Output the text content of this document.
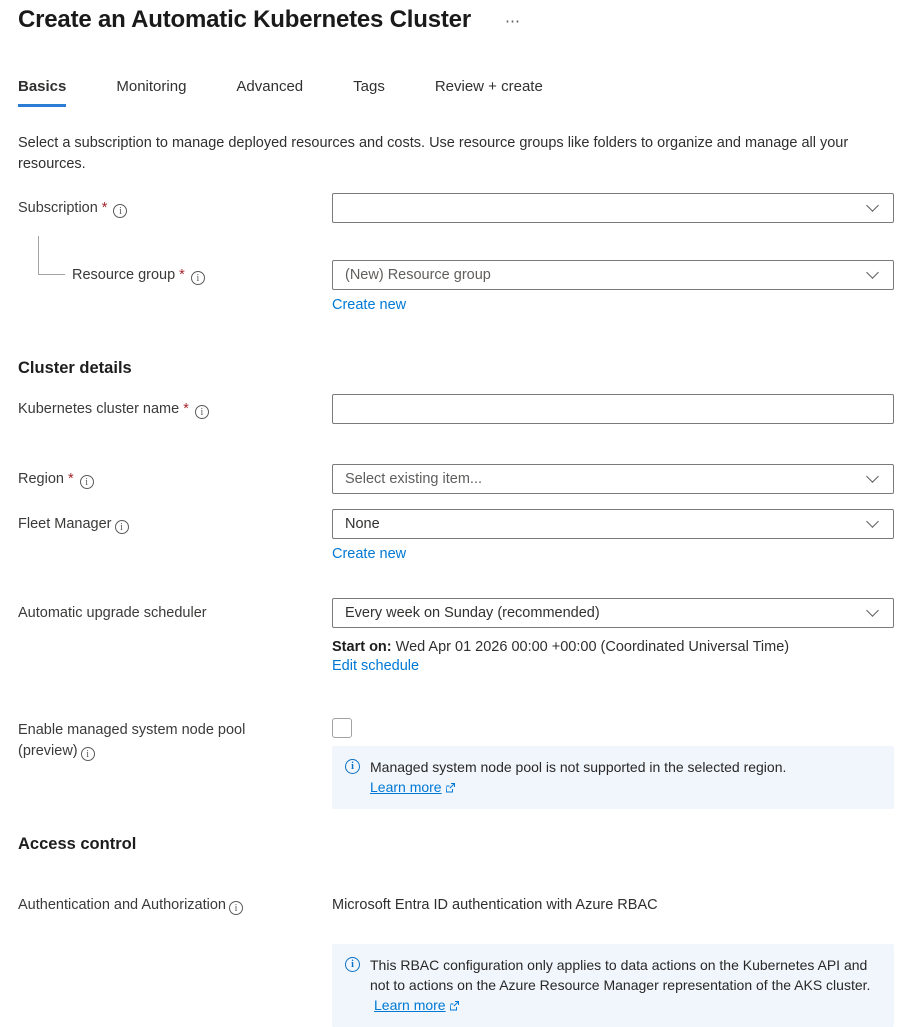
Create an Automatic Kubernetes Cluster ⋯
Basics	Monitoring	Advanced	Tags	Review + create

Select a subscription to manage deployed resources and costs. Use resource groups like folders to organize and manage all your resources.

Subscription *i
Resource group * i	(New) Resource group
Create new
Cluster details
Kubernetes cluster name *i
Region * i	Select existing item...
Fleet Manager i	None
Create new
Automatic upgrade scheduler	Every week on Sunday (recommended)
Start on: Wed Apr 01 2026 00:00 +00:00 (Coordinated Universal Time)
Edit schedule
Enable managed system node pool (preview)i
i
Managed system node pool is not supported in the selected region.
Learn more
Access control
Authentication and Authorization i	Microsoft Entra ID authentication with Azure RBAC
i
This RBAC configuration only applies to data actions on the Kubernetes API and not to actions on the Azure Resource Manager representation of the AKS cluster. Learn more
